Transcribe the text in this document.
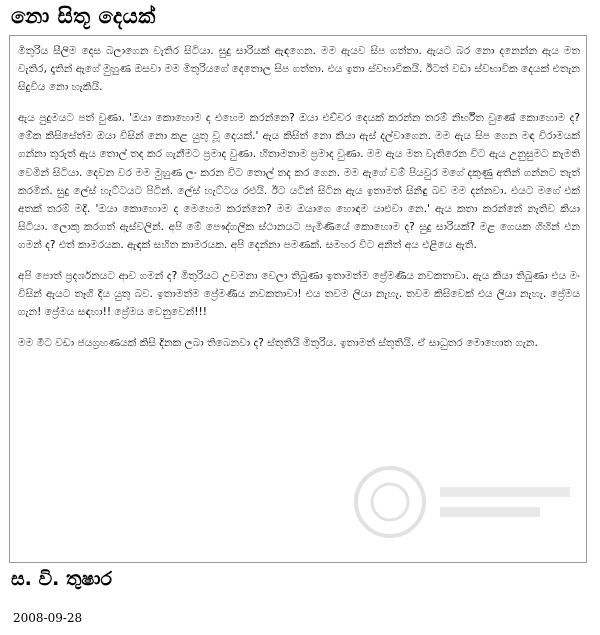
නො සිතූ දෙයක්

මිතුරිය සීලිම දෙස බලාගෙන වැතිර සිටියා. සුදු සාරියක් ඇඳගෙන. මම ඇයව සිප ගත්තා. ඇයට බර නො දනෙන්න ඇය මත වැතිර, දෑතින් ඇගේ මුහුණ ඔසවා මම මිතුරියගේ දෙතොල සිප ගත්තා. එය ඉතා ස්වභාවිකයි. ඊටත් වඩා ස්වභාවික දෙයක් එතැන සිදුවිය නො හැකියි.

ඇය පුදුමයට පත් වුණා. 'ඔයා කොහොම ද එහෙම කරන්නෙ? ඔයා එච්චර දෙයක් කරන්න තරම් නිර්භීත වුණේ කොහොම ද? මේක කිසිසේත්ම ඔයා විසින් නො කළ යුතු වූ දෙයක්.' ඇය කිසිත් නො කියා ඇස් දල්වාගෙන. මම ඇය සිප ගෙන මඳ විරාමයක් ගන්නා තුරුත් ඇය තොල් තද කර ගැනීමට ප්‍රමාද වුණා. හිතාමතාම ප්‍රමාද වුණා. මම ඇය මත වැතිරෙන විට ඇය උනුසුමට කැමති වෙමින් සිටියා. දෙවන වර මම මුහුණ ලං කරන විට තොල් තද කර ගෙන. මම ඇගේ වම් පියවුර මගේ දකුණු අතින් ගන්නට තැත් කරමින්. සුදු ලේස් හැට්ටයට පිටින්. ලේස් හැට්ටය රළුයි. ඊට යටින් සිටින ඇය ඉතාමත් සිනිඳු බව මම දන්නවා. එයට මගේ එක් අතක් තරම් මදි. 'ඔයා කොහොම ද මෙහෙම කරන්නෙ? මම ඔයාගෙ හොඳම යාළුවා නෙ.' ඇය කතා කරන්නේ නැතිව කියා සිටියා. ලොකු කරගත් ඇස්වලින්. අපි මේ පෞද්ගලික ස්ථානයට පැමිණියේ කොහොම ද? සුදු සාරියක්? මළ ගෙයක ගිහින් එන ගමන් ද? එත් කාමරයක. ඇඳක් සහිත කාමරයක. අපි දෙන්නා පමණක්. සමහර විට අනිත් අය එළියෙ ඇති.

අපි පොත් ප්‍රදර්ශනයට ආව ගමන් ද? මිතුරියට උවමනා වෙලා තිබුණා ඉතාමත්ම ප්‍රේමණීය නවකතාවා. ඇය කියා තිබුණා එය මං විසින් ඇයට තෑගි දිය යුතු බව. ඉතාමත්ම ප්‍රේමණීය නවකතාවා! එය තවම ලියා නැහැ. තවම කිසිවෙක් එය ලියා නැහැ. ප්‍රේමය ගැන! ප්‍රේමය සඳහා!! ප්‍රේමය වෙනුවෙන්!!!

මම මීට වඩා ජයග්‍රහණයක් කිසි දිනක ලබා තිබෙනවා ද? ස්තුතියි මිතුරිය. ඉතාමත් ස්තුතියි. ඒ සාධුතර මොහොත ගැන.

ස. වි. තුෂාර
2008-09-28
